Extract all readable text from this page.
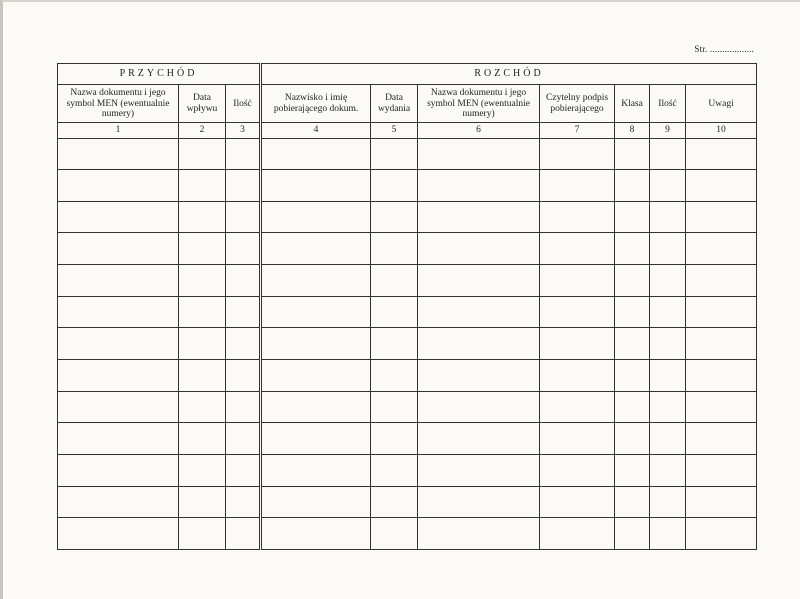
Str. ..................
PRZYCHÓD			ROZCHÓD						
Nazwa dokumentu i jego symbol MEN (ewentualnie numery)	Data wpływu	Ilość	Nazwisko i imię pobierającego dokum.	Data wydania	Nazwa dokumentu i jego symbol MEN (ewentualnie numery)	Czytelny podpis pobierającego	Klasa	Ilość	Uwagi
1	2	3	4	5	6	7	8	9	10
